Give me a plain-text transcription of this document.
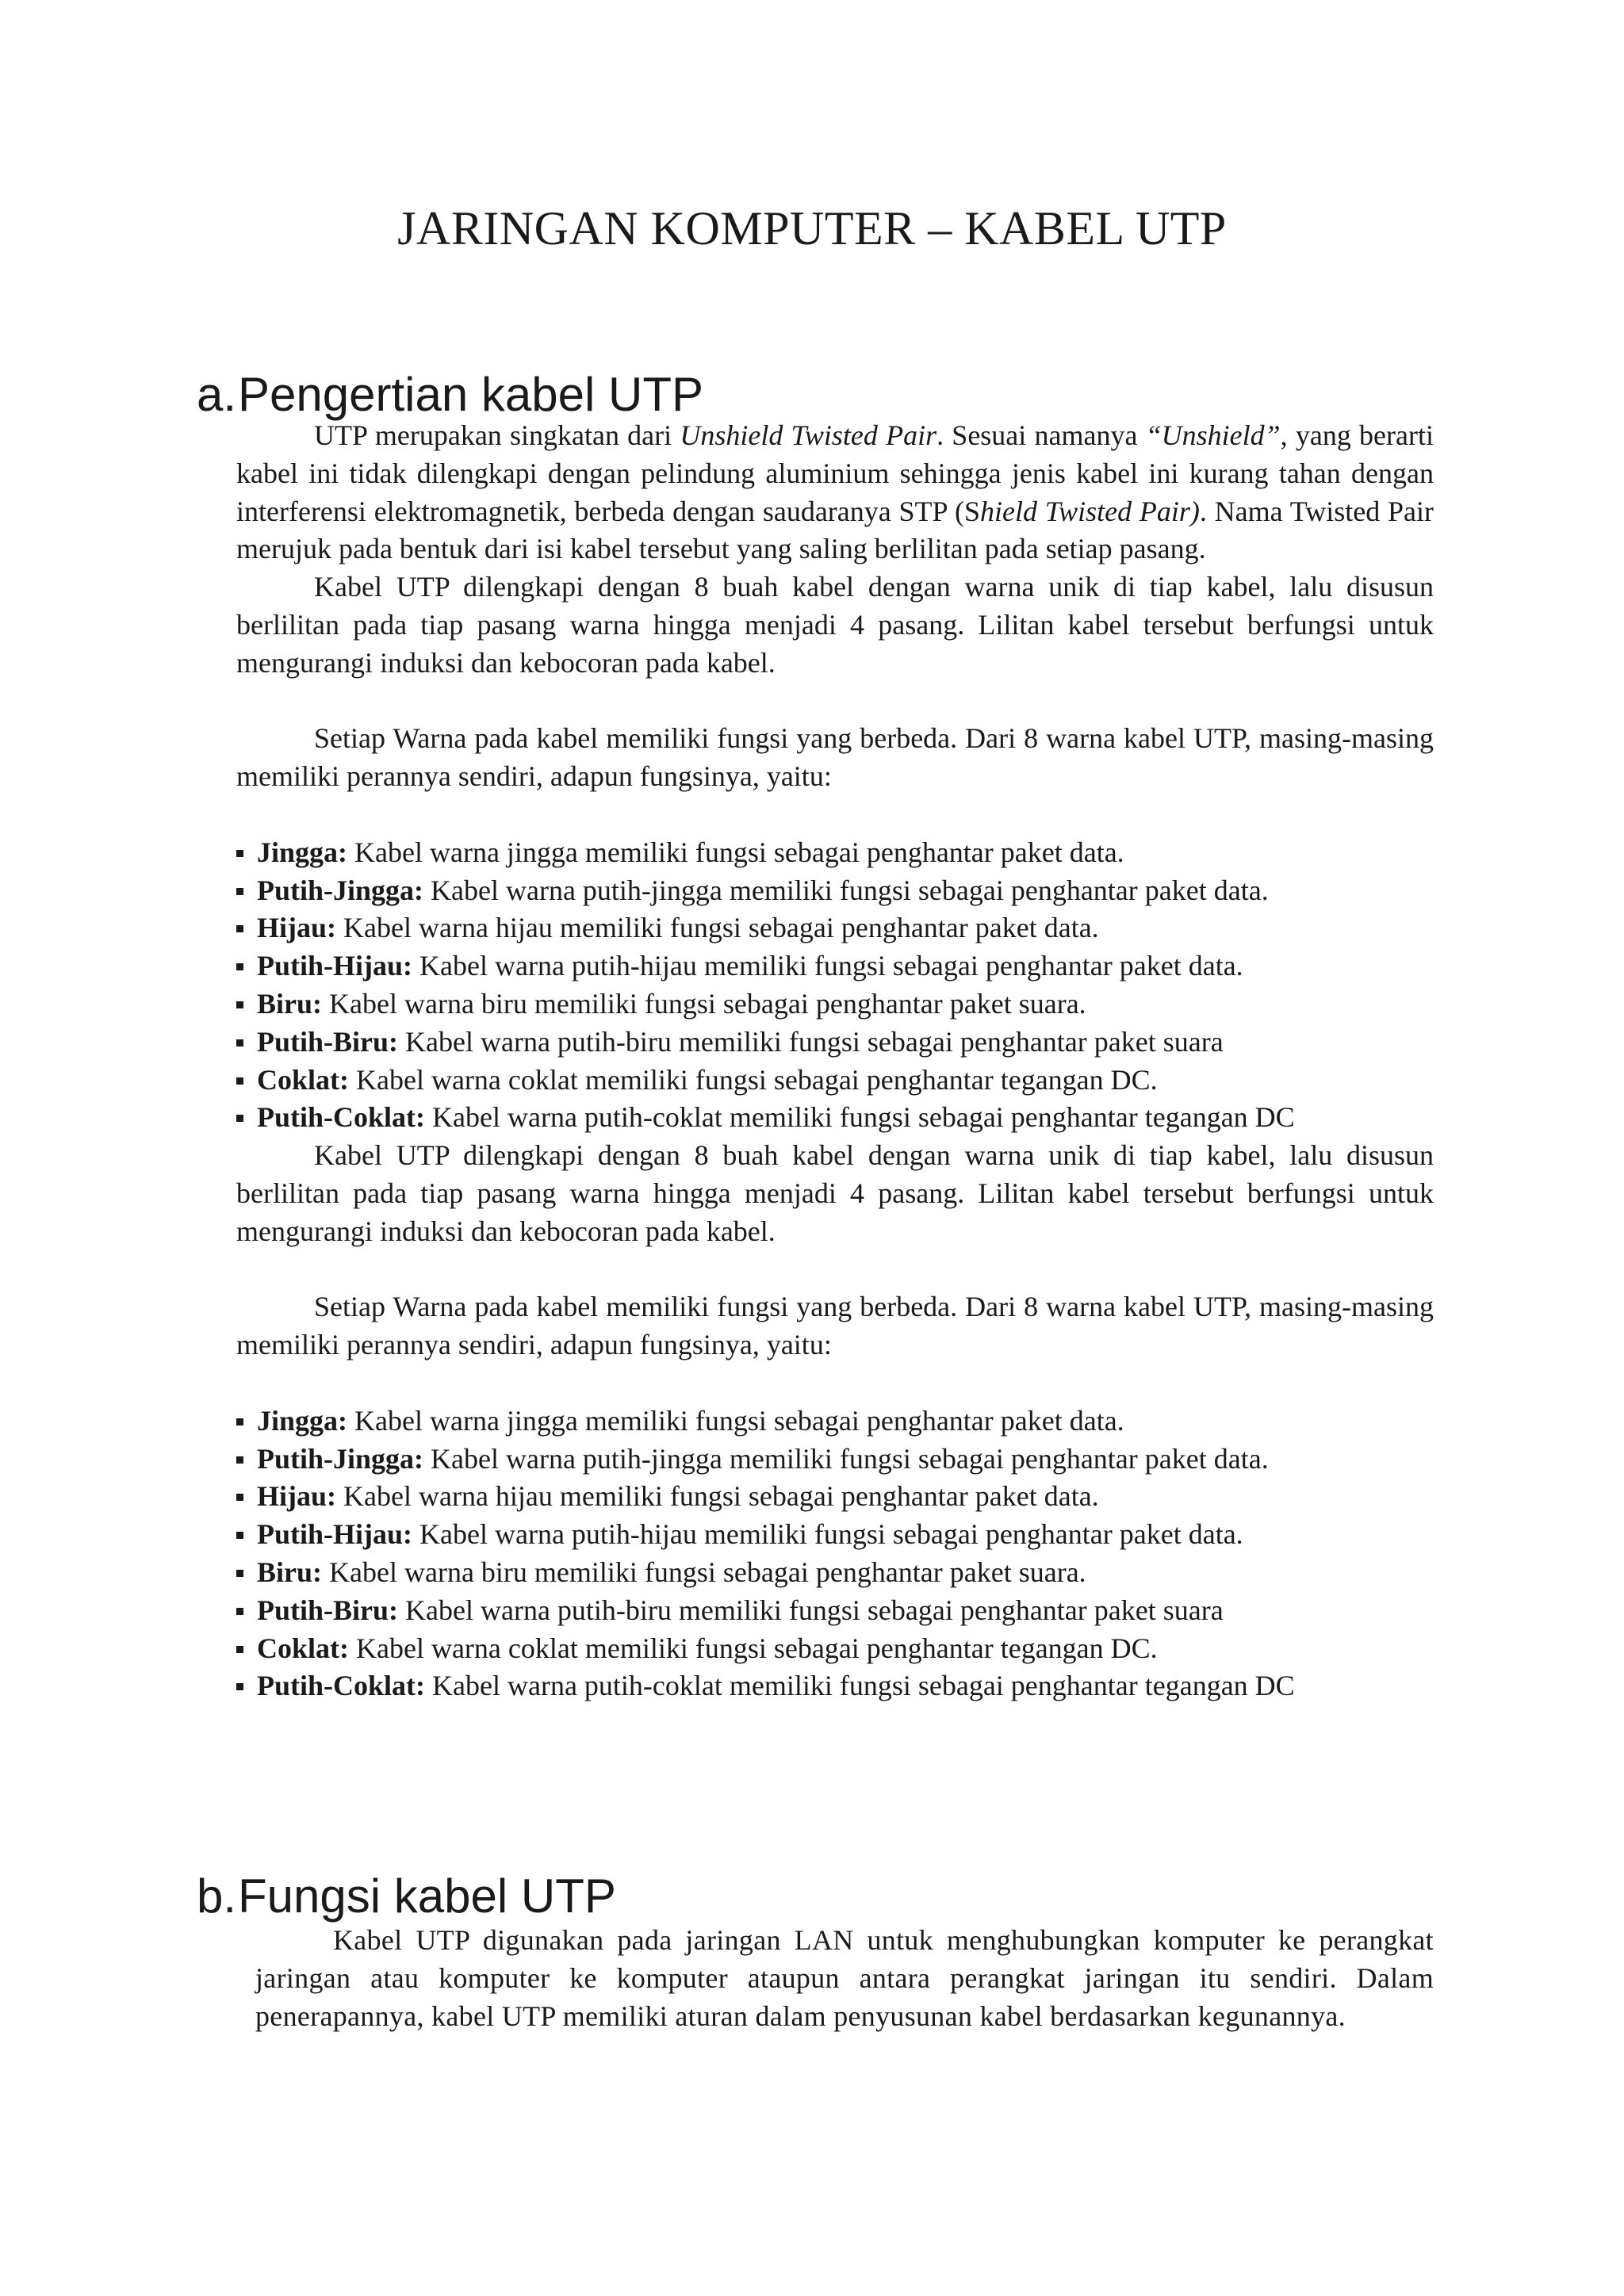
JARINGAN KOMPUTER – KABEL UTP
a.Pengertian kabel UTP

UTP merupakan singkatan dari Unshield Twisted Pair. Sesuai namanya “Unshield”, yang berarti kabel ini tidak dilengkapi dengan pelindung aluminium sehingga jenis kabel ini kurang tahan dengan interferensi elektromagnetik, berbeda dengan saudaranya STP (Shield Twisted Pair). Nama Twisted Pair merujuk pada bentuk dari isi kabel tersebut yang saling berlilitan pada setiap pasang.

Kabel UTP dilengkapi dengan 8 buah kabel dengan warna unik di tiap kabel, lalu disusun berlilitan pada tiap pasang warna hingga menjadi 4 pasang. Lilitan kabel tersebut berfungsi untuk mengurangi induksi dan kebocoran pada kabel.

Setiap Warna pada kabel memiliki fungsi yang berbeda. Dari 8 warna kabel UTP, masing-masing memiliki perannya sendiri, adapun fungsinya, yaitu:

Jingga: Kabel warna jingga memiliki fungsi sebagai penghantar paket data.
Putih-Jingga: Kabel warna putih-jingga memiliki fungsi sebagai penghantar paket data.
Hijau: Kabel warna hijau memiliki fungsi sebagai penghantar paket data.
Putih-Hijau: Kabel warna putih-hijau memiliki fungsi sebagai penghantar paket data.
Biru: Kabel warna biru memiliki fungsi sebagai penghantar paket suara.
Putih-Biru: Kabel warna putih-biru memiliki fungsi sebagai penghantar paket suara
Coklat: Kabel warna coklat memiliki fungsi sebagai penghantar tegangan DC.
Putih-Coklat: Kabel warna putih-coklat memiliki fungsi sebagai penghantar tegangan DC

Kabel UTP dilengkapi dengan 8 buah kabel dengan warna unik di tiap kabel, lalu disusun berlilitan pada tiap pasang warna hingga menjadi 4 pasang. Lilitan kabel tersebut berfungsi untuk mengurangi induksi dan kebocoran pada kabel.

Setiap Warna pada kabel memiliki fungsi yang berbeda. Dari 8 warna kabel UTP, masing-masing memiliki perannya sendiri, adapun fungsinya, yaitu:

Jingga: Kabel warna jingga memiliki fungsi sebagai penghantar paket data.
Putih-Jingga: Kabel warna putih-jingga memiliki fungsi sebagai penghantar paket data.
Hijau: Kabel warna hijau memiliki fungsi sebagai penghantar paket data.
Putih-Hijau: Kabel warna putih-hijau memiliki fungsi sebagai penghantar paket data.
Biru: Kabel warna biru memiliki fungsi sebagai penghantar paket suara.
Putih-Biru: Kabel warna putih-biru memiliki fungsi sebagai penghantar paket suara
Coklat: Kabel warna coklat memiliki fungsi sebagai penghantar tegangan DC.
Putih-Coklat: Kabel warna putih-coklat memiliki fungsi sebagai penghantar tegangan DC
b.Fungsi kabel UTP

Kabel UTP digunakan pada jaringan LAN untuk menghubungkan komputer ke perangkat jaringan atau komputer ke komputer ataupun antara perangkat jaringan itu sendiri. Dalam penerapannya, kabel UTP memiliki aturan dalam penyusunan kabel berdasarkan kegunannya.
